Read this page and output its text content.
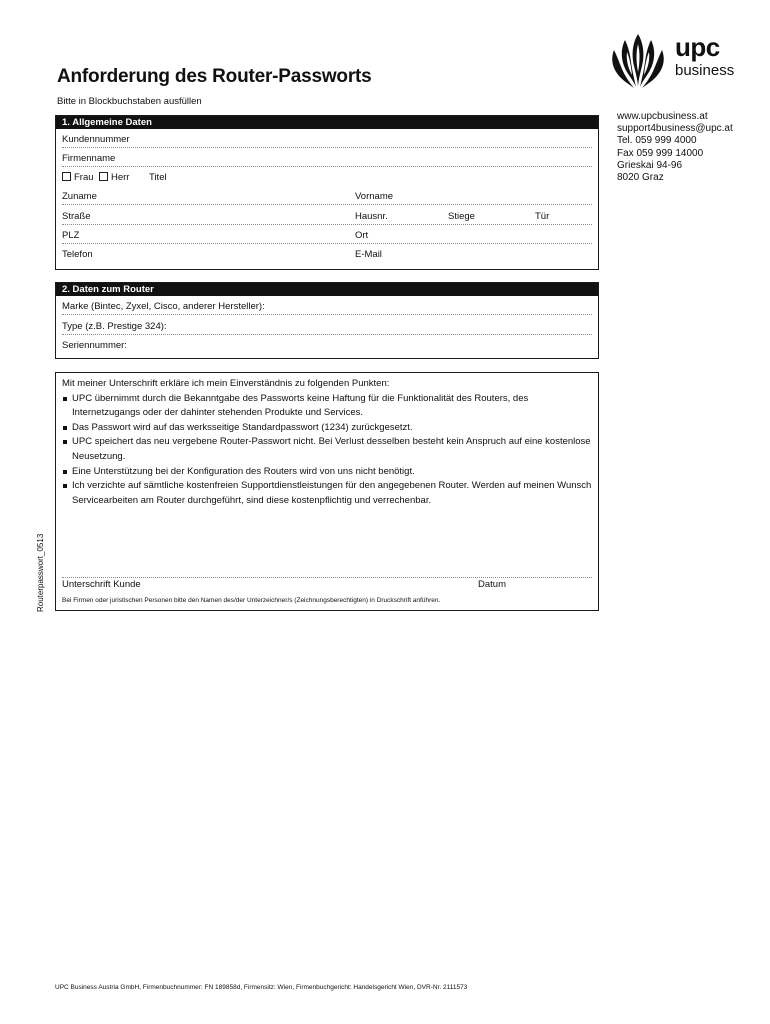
Anforderung des Router-Passworts
Bitte in Blockbuchstaben ausfüllen
upc
business
www.upcbusiness.at
support4business@upc.at
Tel. 059 999 4000
Fax 059 999 14000
Grieskai 94-96
8020 Graz
1. Allgemeine Daten
Kundennummer
Firmenname
Frau	Herr Titel
Zuname	Vorname
Straße	Hausnr.	Stiege	Tür
PLZ	Ort
Telefon	E-Mail
2. Daten zum Router
Marke (Bintec, Zyxel, Cisco, anderer Hersteller):
Type (z.B. Prestige 324):
Seriennummer:
Mit meiner Unterschrift erkläre ich mein Einverständnis zu folgenden Punkten:
UPC übernimmt durch die Bekanntgabe des Passworts keine Haftung für die Funktionalität des Routers, des Internetzugangs oder der dahinter stehenden Produkte und Services.
Das Passwort wird auf das werksseitige Standardpasswort (1234) zurückgesetzt.
UPC speichert das neu vergebene Router-Passwort nicht. Bei Verlust desselben besteht kein Anspruch auf eine kostenlose Neusetzung.
Eine Unterstützung bei der Konfiguration des Routers wird von uns nicht benötigt.
Ich verzichte auf sämtliche kostenfreien Supportdienstleistungen für den angegebenen Router. Werden auf meinen Wunsch Servicearbeiten am Router durchgeführt, sind diese kostenpflichtig und verrechenbar.
Unterschrift Kunde	Datum
Bei Firmen oder juristischen Personen bitte den Namen des/der Unterzeichner/s (Zeichnungsberechtigten) in Druckschrift anführen.
Routerpasswort_0513
UPC Business Austria GmbH, Firmenbuchnummer: FN 189858d, Firmensitz: Wien, Firmenbuchgericht: Handelsgericht Wien, DVR-Nr. 2111573
